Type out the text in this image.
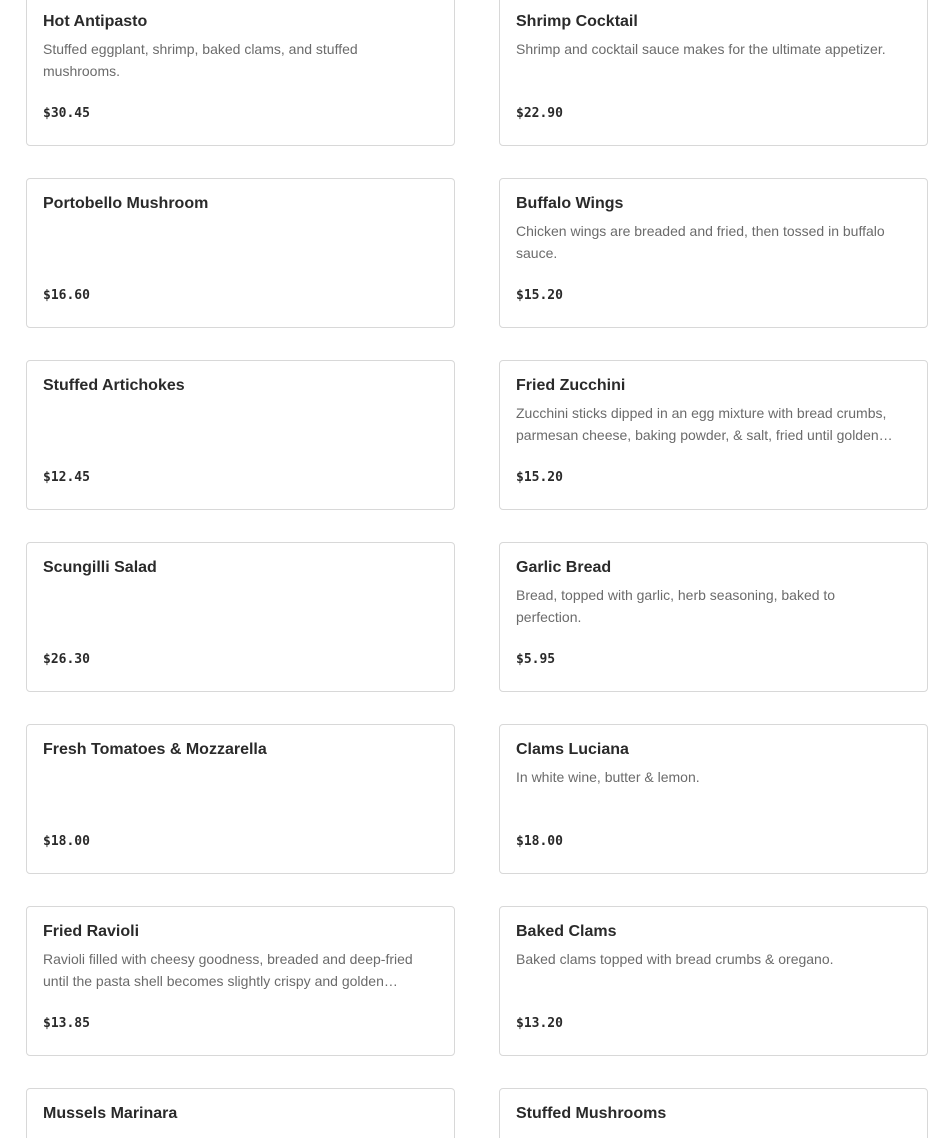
Hot Antipasto
Stuffed eggplant, shrimp, baked clams, and stuffed mushrooms.
$30.45
Shrimp Cocktail
Shrimp and cocktail sauce makes for the ultimate appetizer.
$22.90
Portobello Mushroom
$16.60
Buffalo Wings
Chicken wings are breaded and fried, then tossed in buffalo sauce.
$15.20
Stuffed Artichokes
$12.45
Fried Zucchini
Zucchini sticks dipped in an egg mixture with bread crumbs, parmesan cheese, baking powder, & salt, fried until golden…
$15.20
Scungilli Salad
$26.30
Garlic Bread
Bread, topped with garlic, herb seasoning, baked to perfection.
$5.95
Fresh Tomatoes & Mozzarella
$18.00
Clams Luciana
In white wine, butter & lemon.
$18.00
Fried Ravioli
Ravioli filled with cheesy goodness, breaded and deep-fried until the pasta shell becomes slightly crispy and golden…
$13.85
Baked Clams
Baked clams topped with bread crumbs & oregano.
$13.20
Mussels Marinara	Stuffed Mushrooms
